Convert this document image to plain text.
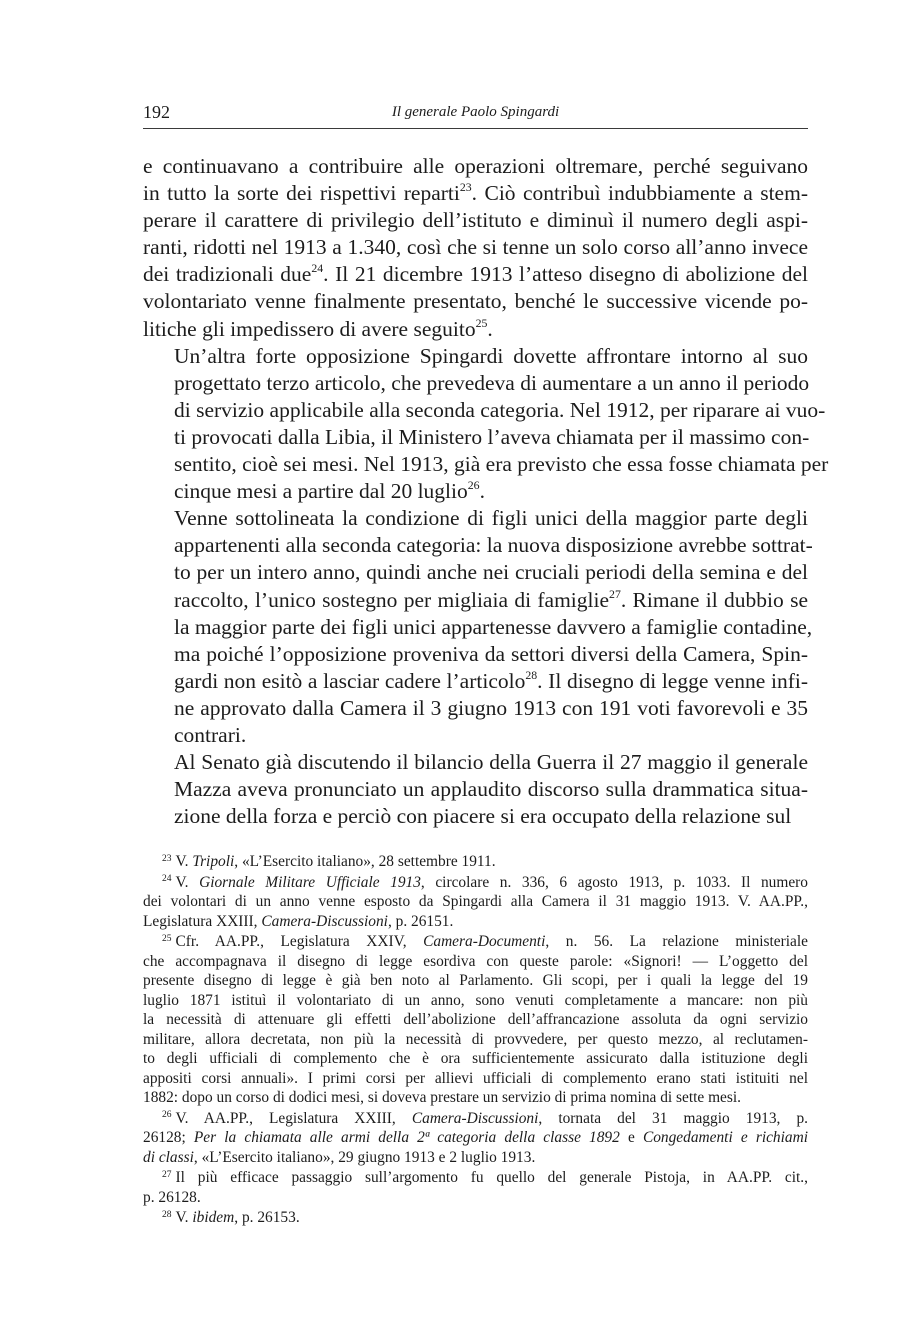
192	Il generale Paolo Spingardi
e continuavano a contribuire alle operazioni oltremare, perché seguivano
in tutto la sorte dei rispettivi reparti$^{23}$. Ciò contribuì indubbiamente a stem-
perare il carattere di privilegio dell’istituto e diminuì il numero degli aspi-
ranti, ridotti nel 1913 a 1.340, così che si tenne un solo corso all’anno invece
dei tradizionali due$^{24}$. Il 21 dicembre 1913 l’atteso disegno di abolizione del
volontariato venne finalmente presentato, benché le successive vicende po-
litiche gli impedissero di avere seguito$^{25}$.
Un’altra forte opposizione Spingardi dovette affrontare intorno al suo
progettato terzo articolo, che prevedeva di aumentare a un anno il periodo
di servizio applicabile alla seconda categoria. Nel 1912, per riparare ai vuo-
ti provocati dalla Libia, il Ministero l’aveva chiamata per il massimo con-
sentito, cioè sei mesi. Nel 1913, già era previsto che essa fosse chiamata per
cinque mesi a partire dal 20 luglio$^{26}$.
Venne sottolineata la condizione di figli unici della maggior parte degli
appartenenti alla seconda categoria: la nuova disposizione avrebbe sottrat-
to per un intero anno, quindi anche nei cruciali periodi della semina e del
raccolto, l’unico sostegno per migliaia di famiglie$^{27}$. Rimane il dubbio se
la maggior parte dei figli unici appartenesse davvero a famiglie contadine,
ma poiché l’opposizione proveniva da settori diversi della Camera, Spin-
gardi non esitò a lasciar cadere l’articolo$^{28}$. Il disegno di legge venne infi-
ne approvato dalla Camera il 3 giugno 1913 con 191 voti favorevoli e 35
contrari.
Al Senato già discutendo il bilancio della Guerra il 27 maggio il generale
Mazza aveva pronunciato un applaudito discorso sulla drammatica situa-
zione della forza e perciò con piacere si era occupato della relazione sul
$^{23}$ V. Tripoli, «L’Esercito italiano», 28 settembre 1911.
$^{24}$ V. Giornale Militare Ufficiale 1913, circolare n. 336, 6 agosto 1913, p. 1033. Il numero
dei volontari di un anno venne esposto da Spingardi alla Camera il 31 maggio 1913. V. AA.PP.,
Legislatura XXIII, Camera-Discussioni, p. 26151.
$^{25}$ Cfr. AA.PP., Legislatura XXIV, Camera-Documenti, n. 56. La relazione ministeriale
che accompagnava il disegno di legge esordiva con queste parole: «Signori! — L’oggetto del
presente disegno di legge è già ben noto al Parlamento. Gli scopi, per i quali la legge del 19
luglio 1871 istituì il volontariato di un anno, sono venuti completamente a mancare: non più
la necessità di attenuare gli effetti dell’abolizione dell’affrancazione assoluta da ogni servizio
militare, allora decretata, non più la necessità di provvedere, per questo mezzo, al reclutamen-
to degli ufficiali di complemento che è ora sufficientemente assicurato dalla istituzione degli
appositi corsi annuali». I primi corsi per allievi ufficiali di complemento erano stati istituiti nel
1882: dopo un corso di dodici mesi, si doveva prestare un servizio di prima nomina di sette mesi.
$^{26}$ V. AA.PP., Legislatura XXIII, Camera-Discussioni, tornata del 31 maggio 1913, p.
26128; Per la chiamata alle armi della 2ª categoria della classe 1892 e Congedamenti e richiami
di classi, «L’Esercito italiano», 29 giugno 1913 e 2 luglio 1913.
$^{27}$ Il più efficace passaggio sull’argomento fu quello del generale Pistoja, in AA.PP. cit.,
p. 26128.
$^{28}$ V. ibidem, p. 26153.
